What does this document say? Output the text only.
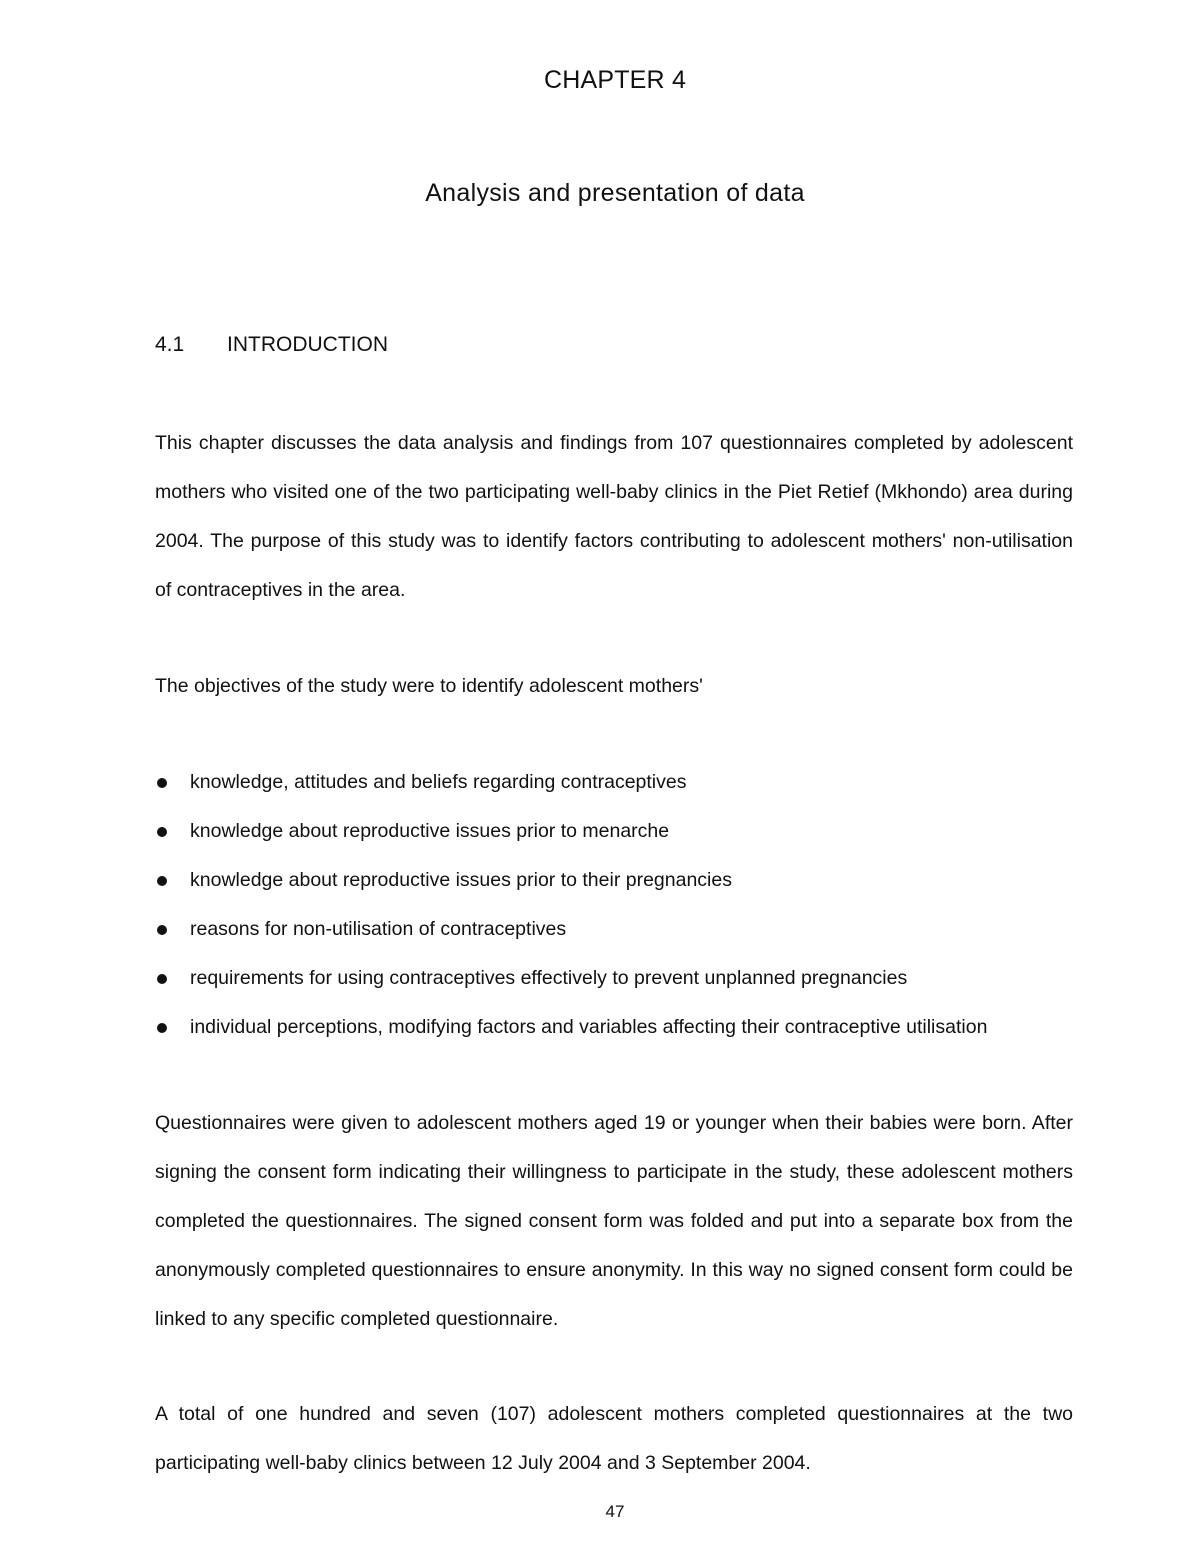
CHAPTER 4
Analysis and presentation of data
4.1 INTRODUCTION

This chapter discusses the data analysis and findings from 107 questionnaires completed by adolescent mothers who visited one of the two participating well-baby clinics in the Piet Retief (Mkhondo) area during 2004. The purpose of this study was to identify factors contributing to adolescent mothers' non-utilisation of contraceptives in the area.

The objectives of the study were to identify adolescent mothers'

knowledge, attitudes and beliefs regarding contraceptives
knowledge about reproductive issues prior to menarche
knowledge about reproductive issues prior to their pregnancies
reasons for non-utilisation of contraceptives
requirements for using contraceptives effectively to prevent unplanned pregnancies
individual perceptions, modifying factors and variables affecting their contraceptive utilisation

Questionnaires were given to adolescent mothers aged 19 or younger when their babies were born. After signing the consent form indicating their willingness to participate in the study, these adolescent mothers completed the questionnaires. The signed consent form was folded and put into a separate box from the anonymously completed questionnaires to ensure anonymity. In this way no signed consent form could be linked to any specific completed questionnaire.

A total of one hundred and seven (107) adolescent mothers completed questionnaires at the two participating well-baby clinics between 12 July 2004 and 3 September 2004.

47
